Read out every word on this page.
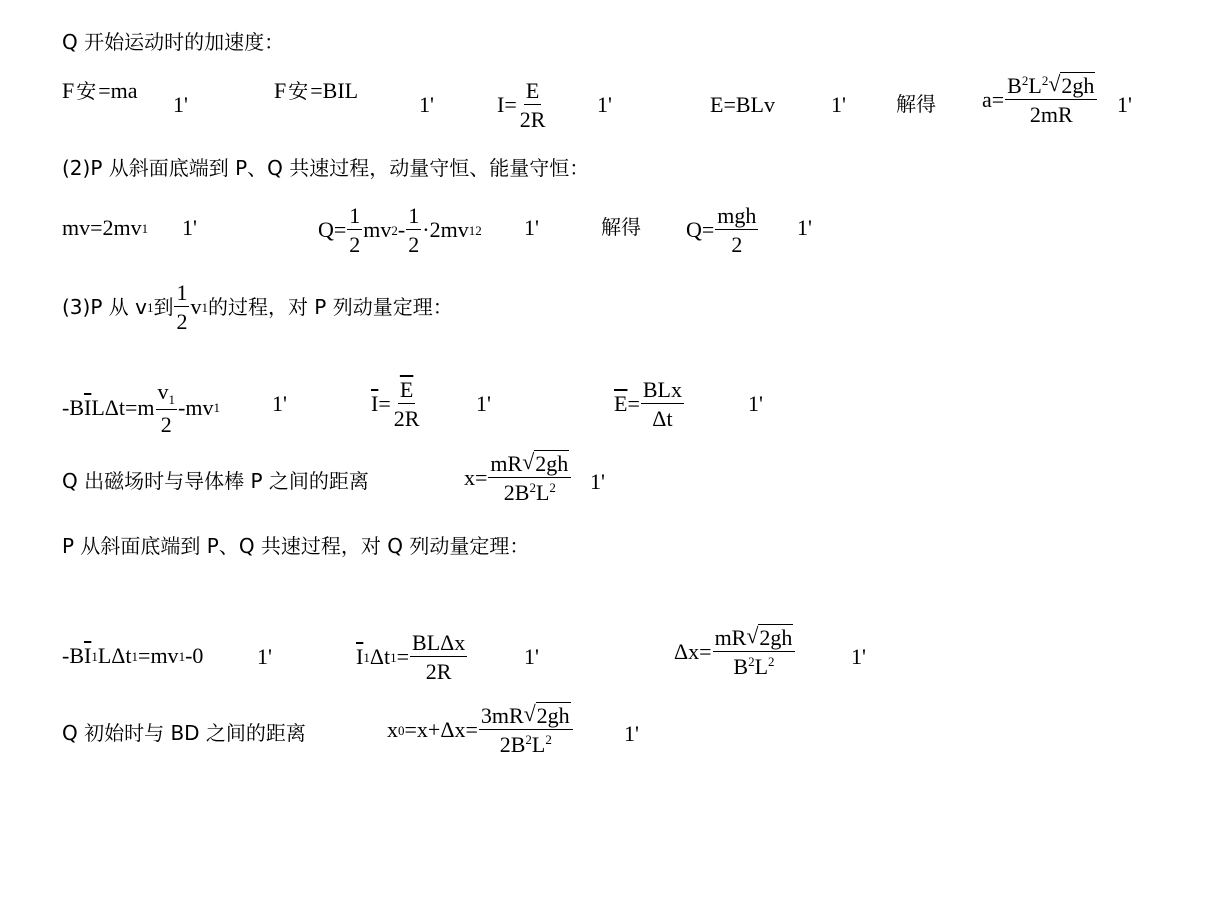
Q 开始运动时的加速度：
F 安 =ma
1'
F 安 =BIL
1'	$I= \frac{E}{2R} 1'$	E=BLv	1'	解得 $a= \frac{B^2L^2 √ 2gh}{2mR} 1'$
(2)P 从斜面底端到 P、Q 共速过程，动量守恒、能量守恒：
mv=2mv 1 1'	$Q= \frac{1}{2}$ mv $2 - \frac{1}{2} \cdot 2mv$ 1 2 1'	解得 $Q= \frac{\text{mgh}}{2} 1'$
(3)P 从 v 1 到 $\frac{1}{2}$ v 1 的过程，对 P 列动量定理：
-B $\overline{I}$ $L\Delta t=m \frac{v_1}{2} -mv$ 1 1'	$\overline{I} = \frac{\overline{E}}{2R} 1'$	$\overline{E} = \frac{\text{BLx}}{\Delta t}$	1'
Q 出磁场时与导体棒 P 之间的距离	$x= \frac{mR √ 2gh}{2B^2L^2} 1'$
P 从斜面底端到 P、Q 共速过程，对 Q 列动量定理：
-B $\overline{I}$ 1 LΔt 1 =mv 1 -0 1'	$\overline{I}$ 1 Δt $1 = \frac{\text{BLΔx}}{2R}$	1'	$\Delta x= \frac{mR √ 2gh}{B^2L^2}$	1'
Q 初始时与 BD 之间的距离	x $0 =x+\Delta x= \frac{3mR √ 2gh}{2B^2L^2} 1'$
